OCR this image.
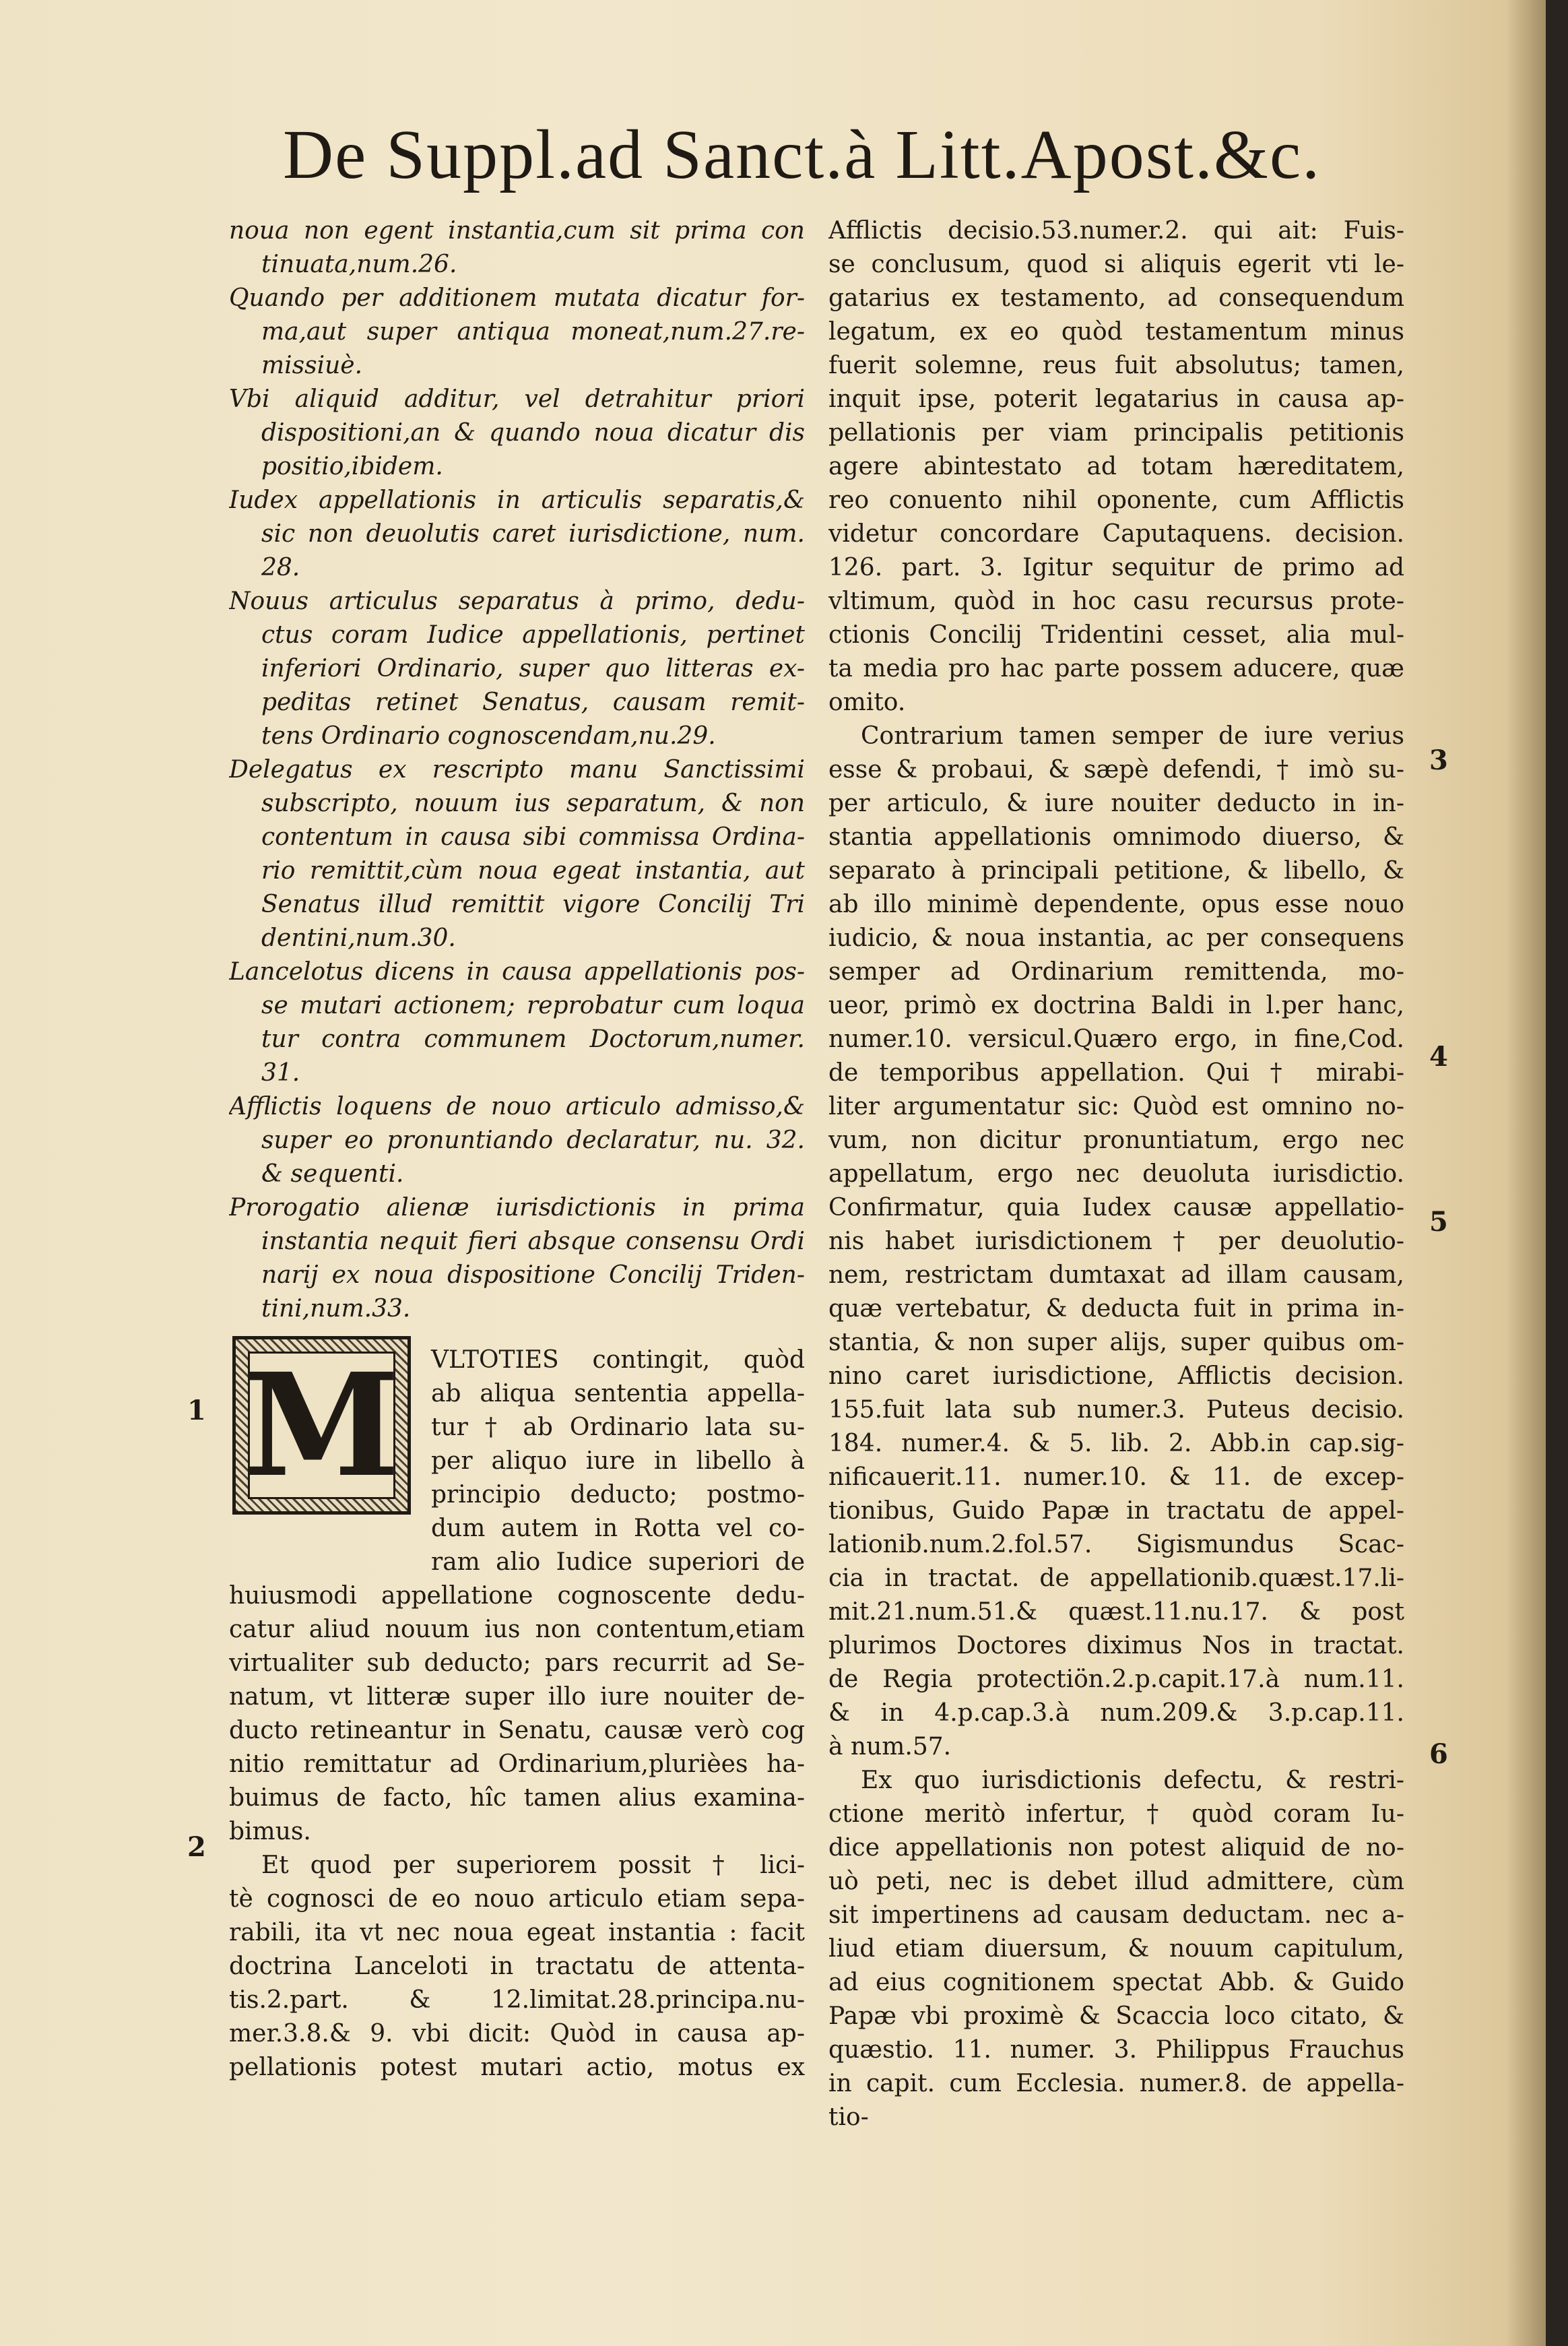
De Suppl.ad Sanct.à Litt.Apost.&c.
noua non egent instantia,cum sit prima con
tinuata,num.26.
Quando per additionem mutata dicatur for-
ma,aut super antiqua moneat,num.27.re-
missiuè.
Vbi aliquid additur, vel detrahitur priori
dispositioni,an & quando noua dicatur dis
positio,ibidem.
Iudex appellationis in articulis separatis,&
sic non deuolutis caret iurisdictione, num.
28.
Nouus articulus separatus à primo, dedu-
ctus coram Iudice appellationis, pertinet
inferiori Ordinario, super quo litteras ex-
peditas retinet Senatus, causam remit-
tens Ordinario cognoscendam,nu.29.
Delegatus ex rescripto manu Sanctissimi
subscripto, nouum ius separatum, & non
contentum in causa sibi commissa Ordina-
rio remittit,cùm noua egeat instantia, aut
Senatus illud remittit vigore Concilij Tri
dentini,num.30.
Lancelotus dicens in causa appellationis pos-
se mutari actionem; reprobatur cum loqua
tur contra communem Doctorum,numer.
31.
Afflictis loquens de nouo articulo admisso,&
super eo pronuntiando declaratur, nu. 32.
& sequenti.
Prorogatio alienæ iurisdictionis in prima
instantia nequit fieri absque consensu Ordi
narij ex noua dispositione Concilij Triden-
tini,num.33.
VLTOTIES contingit, quòd
ab aliqua sententia appella-
tur † ab Ordinario lata su-
per aliquo iure in libello à
principio deducto; postmo-
dum autem in Rotta vel co-
ram alio Iudice superiori de
huiusmodi appellatione cognoscente dedu-
catur aliud nouum ius non contentum,etiam
virtualiter sub deducto; pars recurrit ad Se-
natum, vt litteræ super illo iure nouiter de-
ducto retineantur in Senatu, causæ verò cog
nitio remittatur ad Ordinarium,plurièes ha-
buimus de facto, hîc tamen alius examina-
bimus.
Et quod per superiorem possit † lici-
tè cognosci de eo nouo articulo etiam sepa-
rabili, ita vt nec noua egeat instantia : facit
doctrina Lanceloti in tractatu de attenta-
tis.2.part. & 12.limitat.28.principa.nu-
mer.3.8.& 9. vbi dicit: Quòd in causa ap-
pellationis potest mutari actio, motus ex
M
Afflictis decisio.53.numer.2. qui ait: Fuis-
se conclusum, quod si aliquis egerit vti le-
gatarius ex testamento, ad consequendum
legatum, ex eo quòd testamentum minus
fuerit solemne, reus fuit absolutus; tamen,
inquit ipse, poterit legatarius in causa ap-
pellationis per viam principalis petitionis
agere abintestato ad totam hæreditatem,
reo conuento nihil oponente, cum Afflictis
videtur concordare Caputaquens. decision.
126. part. 3. Igitur sequitur de primo ad
vltimum, quòd in hoc casu recursus prote-
ctionis Concilij Tridentini cesset, alia mul-
ta media pro hac parte possem aducere, quæ
omito.
Contrarium tamen semper de iure verius
esse & probaui, & sæpè defendi, † imò su-
per articulo, & iure nouiter deducto in in-
stantia appellationis omnimodo diuerso, &
separato à principali petitione, & libello, &
ab illo minimè dependente, opus esse nouo
iudicio, & noua instantia, ac per consequens
semper ad Ordinarium remittenda, mo-
ueor, primò ex doctrina Baldi in l.per hanc,
numer.10. versicul.Quæro ergo, in fine,Cod.
de temporibus appellation. Qui † mirabi-
liter argumentatur sic: Quòd est omnino no-
vum, non dicitur pronuntiatum, ergo nec
appellatum, ergo nec deuoluta iurisdictio.
Confirmatur, quia Iudex causæ appellatio-
nis habet iurisdictionem † per deuolutio-
nem, restrictam dumtaxat ad illam causam,
quæ vertebatur, & deducta fuit in prima in-
stantia, & non super alijs, super quibus om-
nino caret iurisdictione, Afflictis decision.
155.fuit lata sub numer.3. Puteus decisio.
184. numer.4. & 5. lib. 2. Abb.in cap.sig-
nificauerit.11. numer.10. & 11. de excep-
tionibus, Guido Papæ in tractatu de appel-
lationib.num.2.fol.57. Sigismundus Scac-
cia in tractat. de appellationib.quæst.17.li-
mit.21.num.51.& quæst.11.nu.17. & post
plurimos Doctores diximus Nos in tractat.
de Regia protectiön.2.p.capit.17.à num.11.
& in 4.p.cap.3.à num.209.& 3.p.cap.11.
à num.57.
Ex quo iurisdictionis defectu, & restri-
ctione meritò infertur, † quòd coram Iu-
dice appellationis non potest aliquid de no-
uò peti, nec is debet illud admittere, cùm
sit impertinens ad causam deductam. nec a-
liud etiam diuersum, & nouum capitulum,
ad eius cognitionem spectat Abb. & Guido
Papæ vbi proximè & Scaccia loco citato, &
quæstio. 11. numer. 3. Philippus Frauchus
in capit. cum Ecclesia. numer.8. de appella-
tio-
1
2
3
4
5
6
